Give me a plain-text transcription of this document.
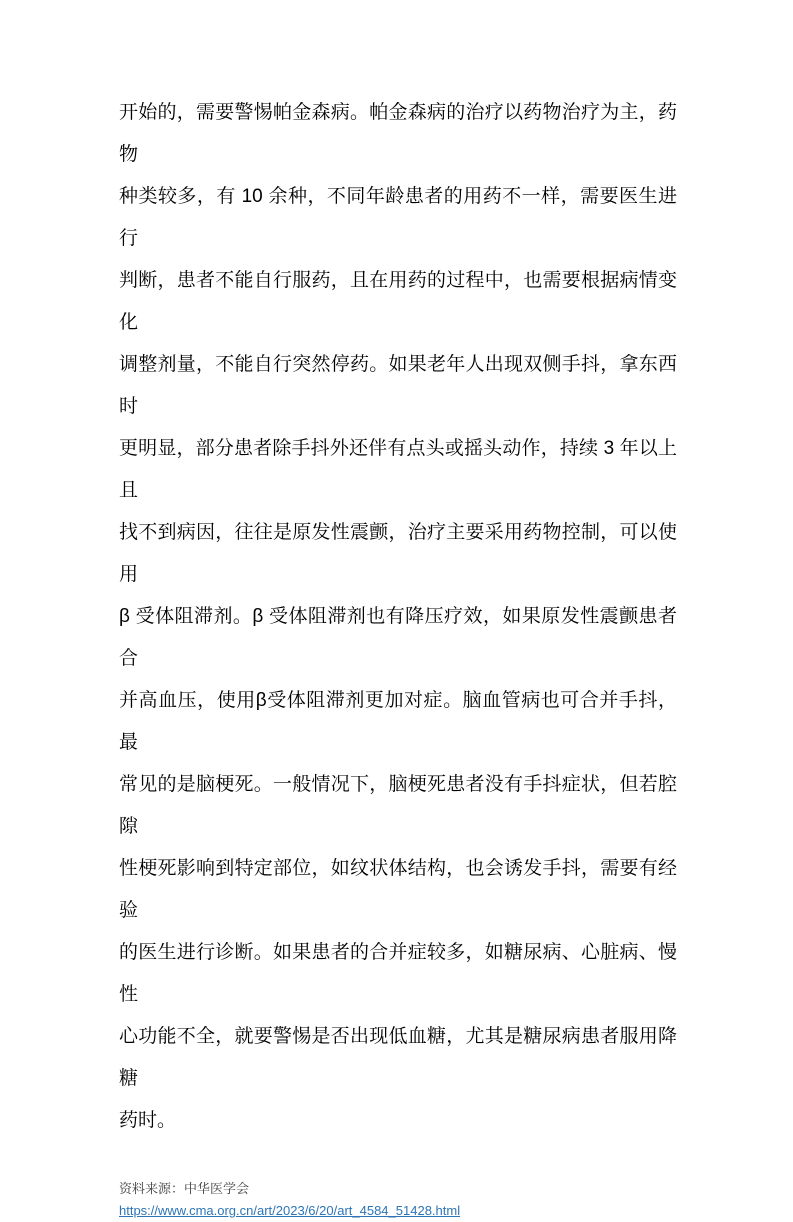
开始的，需要警惕帕金森病。帕金森病的治疗以药物治疗为主，药物
种类较多，有 10 余种，不同年龄患者的用药不一样，需要医生进行
判断，患者不能自行服药，且在用药的过程中，也需要根据病情变化
调整剂量，不能自行突然停药。如果老年人出现双侧手抖，拿东西时
更明显，部分患者除手抖外还伴有点头或摇头动作，持续 3 年以上且
找不到病因，往往是原发性震颤，治疗主要采用药物控制，可以使用
β 受体阻滞剂。β 受体阻滞剂也有降压疗效，如果原发性震颤患者合
并高血压，使用β受体阻滞剂更加对症。脑血管病也可合并手抖，最
常见的是脑梗死。一般情况下，脑梗死患者没有手抖症状，但若腔隙
性梗死影响到特定部位，如纹状体结构，也会诱发手抖，需要有经验
的医生进行诊断。如果患者的合并症较多，如糖尿病、心脏病、慢性
心功能不全，就要警惕是否出现低血糖，尤其是糖尿病患者服用降糖
药时。
资料来源：中华医学会
https://www.cma.org.cn/art/2023/6/20/art_4584_51428.html
